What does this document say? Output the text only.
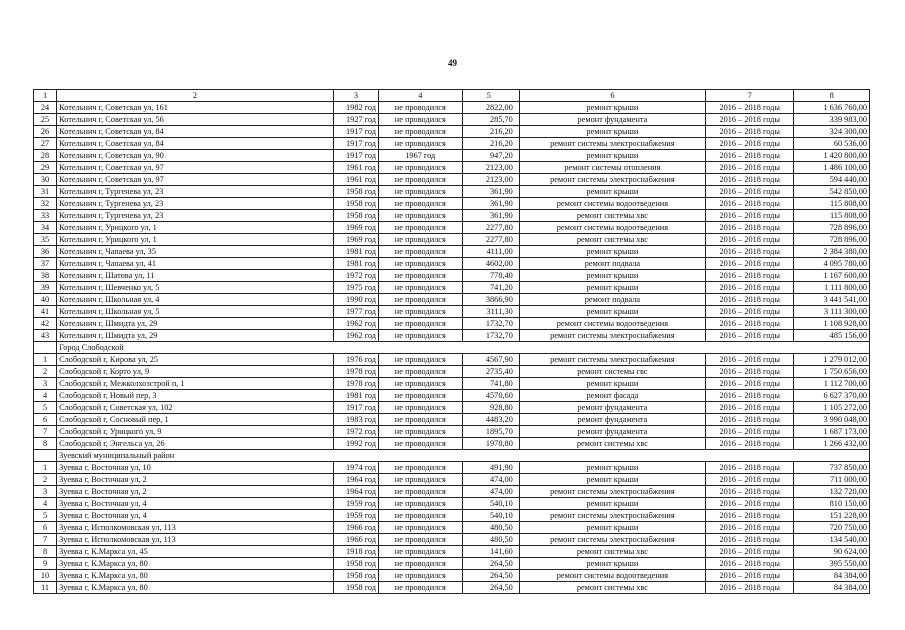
49
1	2	3	4	5	6	7	8
24	Котельнич г, Советская ул, 161	1982 год	не проводился	2822,00	ремонт крыши	2016 – 2018 годы	1 636 760,00
25	Котельнич г, Советская ул, 56	1927 год	не проводился	285,70	ремонт фундамента	2016 – 2018 годы	339 983,00
26	Котельнич г, Советская ул, 84	1917 год	не проводился	216,20	ремонт крыши	2016 – 2018 годы	324 300,00
27	Котельнич г, Советская ул, 84	1917 год	не проводился	216,20	ремонт системы электроснабжения	2016 – 2018 годы	60 536,00
28	Котельнич г, Советская ул, 90	1917 год	1967 год	947,20	ремонт крыши	2016 – 2018 годы	1 420 800,00
29	Котельнич г, Советская ул, 97	1961 год	не проводился	2123,00	ремонт системы отопления	2016 – 2018 годы	1 486 100,00
30	Котельнич г, Советская ул, 97	1961 год	не проводился	2123,00	ремонт системы электроснабжения	2016 – 2018 годы	594 440,00
31	Котельнич г, Тургенева ул, 23	1958 год	не проводился	361,90	ремонт крыши	2016 – 2018 годы	542 850,00
32	Котельнич г, Тургенева ул, 23	1958 год	не проводился	361,90	ремонт системы водоотведения	2016 – 2018 годы	115 808,00
33	Котельнич г, Тургенева ул, 23	1958 год	не проводился	361,90	ремонт системы хвс	2016 – 2018 годы	115 808,00
34	Котельнич г, Урицкого ул, 1	1969 год	не проводился	2277,80	ремонт системы водоотведения	2016 – 2018 годы	728 896,00
35	Котельнич г, Урицкого ул, 1	1969 год	не проводился	2277,80	ремонт системы хвс	2016 – 2018 годы	728 896,00
36	Котельнич г, Чапаева ул, 35	1981 год	не проводился	4111,00	ремонт крыши	2016 – 2018 годы	2 384 380,00
37	Котельнич г, Чапаева ул, 41	1981 год	не проводился	4602,00	ремонт подвала	2016 – 2018 годы	4 095 780,00
38	Котельнич г, Шатова ул, 11	1972 год	не проводился	778,40	ремонт крыши	2016 – 2018 годы	1 167 600,00
39	Котельнич г, Шевченко ул, 5	1975 год	не проводился	741,20	ремонт крыши	2016 – 2018 годы	1 111 800,00
40	Котельнич г, Школьная ул, 4	1990 год	не проводился	3866,90	ремонт подвала	2016 – 2018 годы	3 441 541,00
41	Котельнич г, Школьная ул, 5	1977 год	не проводился	3111,30	ремонт крыши	2016 – 2018 годы	3 111 300,00
42	Котельнич г, Шмидта ул, 29	1962 год	не проводился	1732,70	ремонт системы водоотведения	2016 – 2018 годы	1 108 928,00
43	Котельнич г, Шмидта ул, 29	1962 год	не проводился	1732,70	ремонт системы электроснабжения	2016 – 2018 годы	485 156,00
	Город Слободской						
1	Слободской г, Кирова ул, 25	1976 год	не проводился	4567,90	ремонт системы электроснабжения	2016 – 2018 годы	1 279 012,00
2	Слободской г, Корто ул, 9	1978 год	не проводился	2735,40	ремонт системы гвс	2016 – 2018 годы	1 750 656,00
3	Слободской г, Межколхозстрой п, 1	1978 год	не проводился	741,80	ремонт крыши	2016 – 2018 годы	1 112 700,00
4	Слободской г, Новый пер, 3	1981 год	не проводился	4570,60	ремонт фасада	2016 – 2018 годы	6 627 370,00
5	Слободской г, Советская ул, 102	1917 год	не проводился	928,80	ремонт фундамента	2016 – 2018 годы	1 105 272,00
6	Слободской г, Сосновый пер, 1	1983 год	не проводился	4483,20	ремонт фундамента	2016 – 2018 годы	3 990 048,00
7	Слободской г, Урицкого ул, 9	1972 год	не проводился	1895,70	ремонт фундамента	2016 – 2018 годы	1 687 173,00
8	Слободской г, Энгельса ул, 26	1992 год	не проводился	1978,80	ремонт системы хвс	2016 – 2018 годы	1 266 432,00
	Зуевский муниципальный район						
1	Зуевка г, Восточная ул, 10	1974 год	не проводился	491,90	ремонт крыши	2016 – 2018 годы	737 850,00
2	Зуевка г, Восточная ул, 2	1964 год	не проводился	474,00	ремонт крыши	2016 – 2018 годы	711 000,00
3	Зуевка г, Восточная ул, 2	1964 год	не проводился	474,00	ремонт системы электроснабжения	2016 – 2018 годы	132 720,00
4	Зуевка г, Восточная ул, 4	1959 год	не проводился	540,10	ремонт крыши	2016 – 2018 годы	810 150,00
5	Зуевка г, Восточная ул, 4	1959 год	не проводился	540,10	ремонт системы электроснабжения	2016 – 2018 годы	151 228,00
6	Зуевка г, Исполкомовская ул, 113	1966 год	не проводился	480,50	ремонт крыши	2016 – 2018 годы	720 750,00
7	Зуевка г, Исполкомовская ул, 113	1966 год	не проводился	480,50	ремонт системы электроснабжения	2016 – 2018 годы	134 540,00
8	Зуевка г, К.Маркса ул, 45	1918 год	не проводился	141,60	ремонт системы хвс	2016 – 2018 годы	90 624,00
9	Зуевка г, К.Маркса ул, 80	1958 год	не проводился	264,50	ремонт крыши	2016 – 2018 годы	395 550,00
10	Зуевка г, К.Маркса ул, 80	1958 год	не проводился	264,50	ремонт системы водоотведения	2016 – 2018 годы	84 384,00
11	Зуевка г, К.Маркса ул, 80	1958 год	не проводился	264,50	ремонт системы хвс	2016 – 2018 годы	84 384,00
